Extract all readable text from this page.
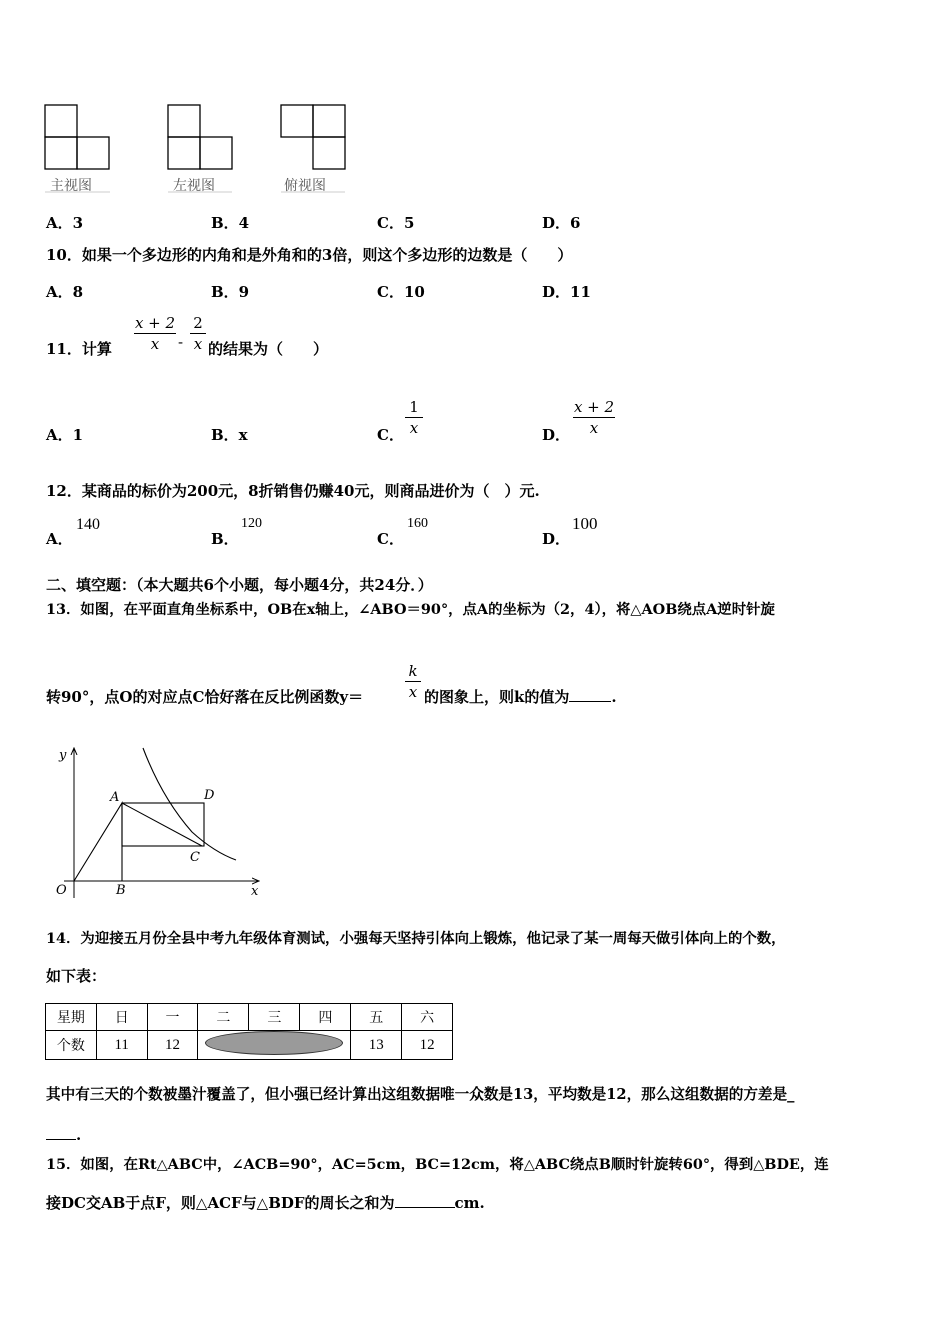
主视图	左视图	俯视图
A．3	B．4	C．5	D．6
10．如果一个多边形的内角和是外角和的3倍，则这个多边形的边数是（　　）
A．8	B．9	C．10	D．11
11．计算
x + 2
x	-
2
x 的结果为（　　）
A．1	B．x	C．
1
x	D．
x + 2
x
12．某商品的标价为200元，8折销售仍赚40元，则商品进价为（　）元.
A．
140
B．
120
C．
160
D．
100
二、填空题：（本大题共6个小题，每小题4分，共24分．）
13．如图，在平面直角坐标系中，OB在x轴上，∠ABO＝90°，点A的坐标为（2，4），将△AOB绕点A逆时针旋
转90°，点O的对应点C恰好落在反比例函数y＝
k
x 的图象上，则k的值为	.
y
A	D
C
O	B	x
14．为迎接五月份全县中考九年级体育测试，小强每天坚持引体向上锻炼，他记录了某一周每天做引体向上的个数，
如下表：
星期	日	一	二	三	四	五	六
个数	11	12				13	12
其中有三天的个数被墨汁覆盖了，但小强已经计算出这组数据唯一众数是13，平均数是12，那么这组数据的方差是_
.
15．如图，在Rt△ABC中，∠ACB=90°，AC=5cm，BC=12cm，将△ABC绕点B顺时针旋转60°，得到△BDE，连
接DC交AB于点F，则△ACF与△BDF的周长之和为	cm.
